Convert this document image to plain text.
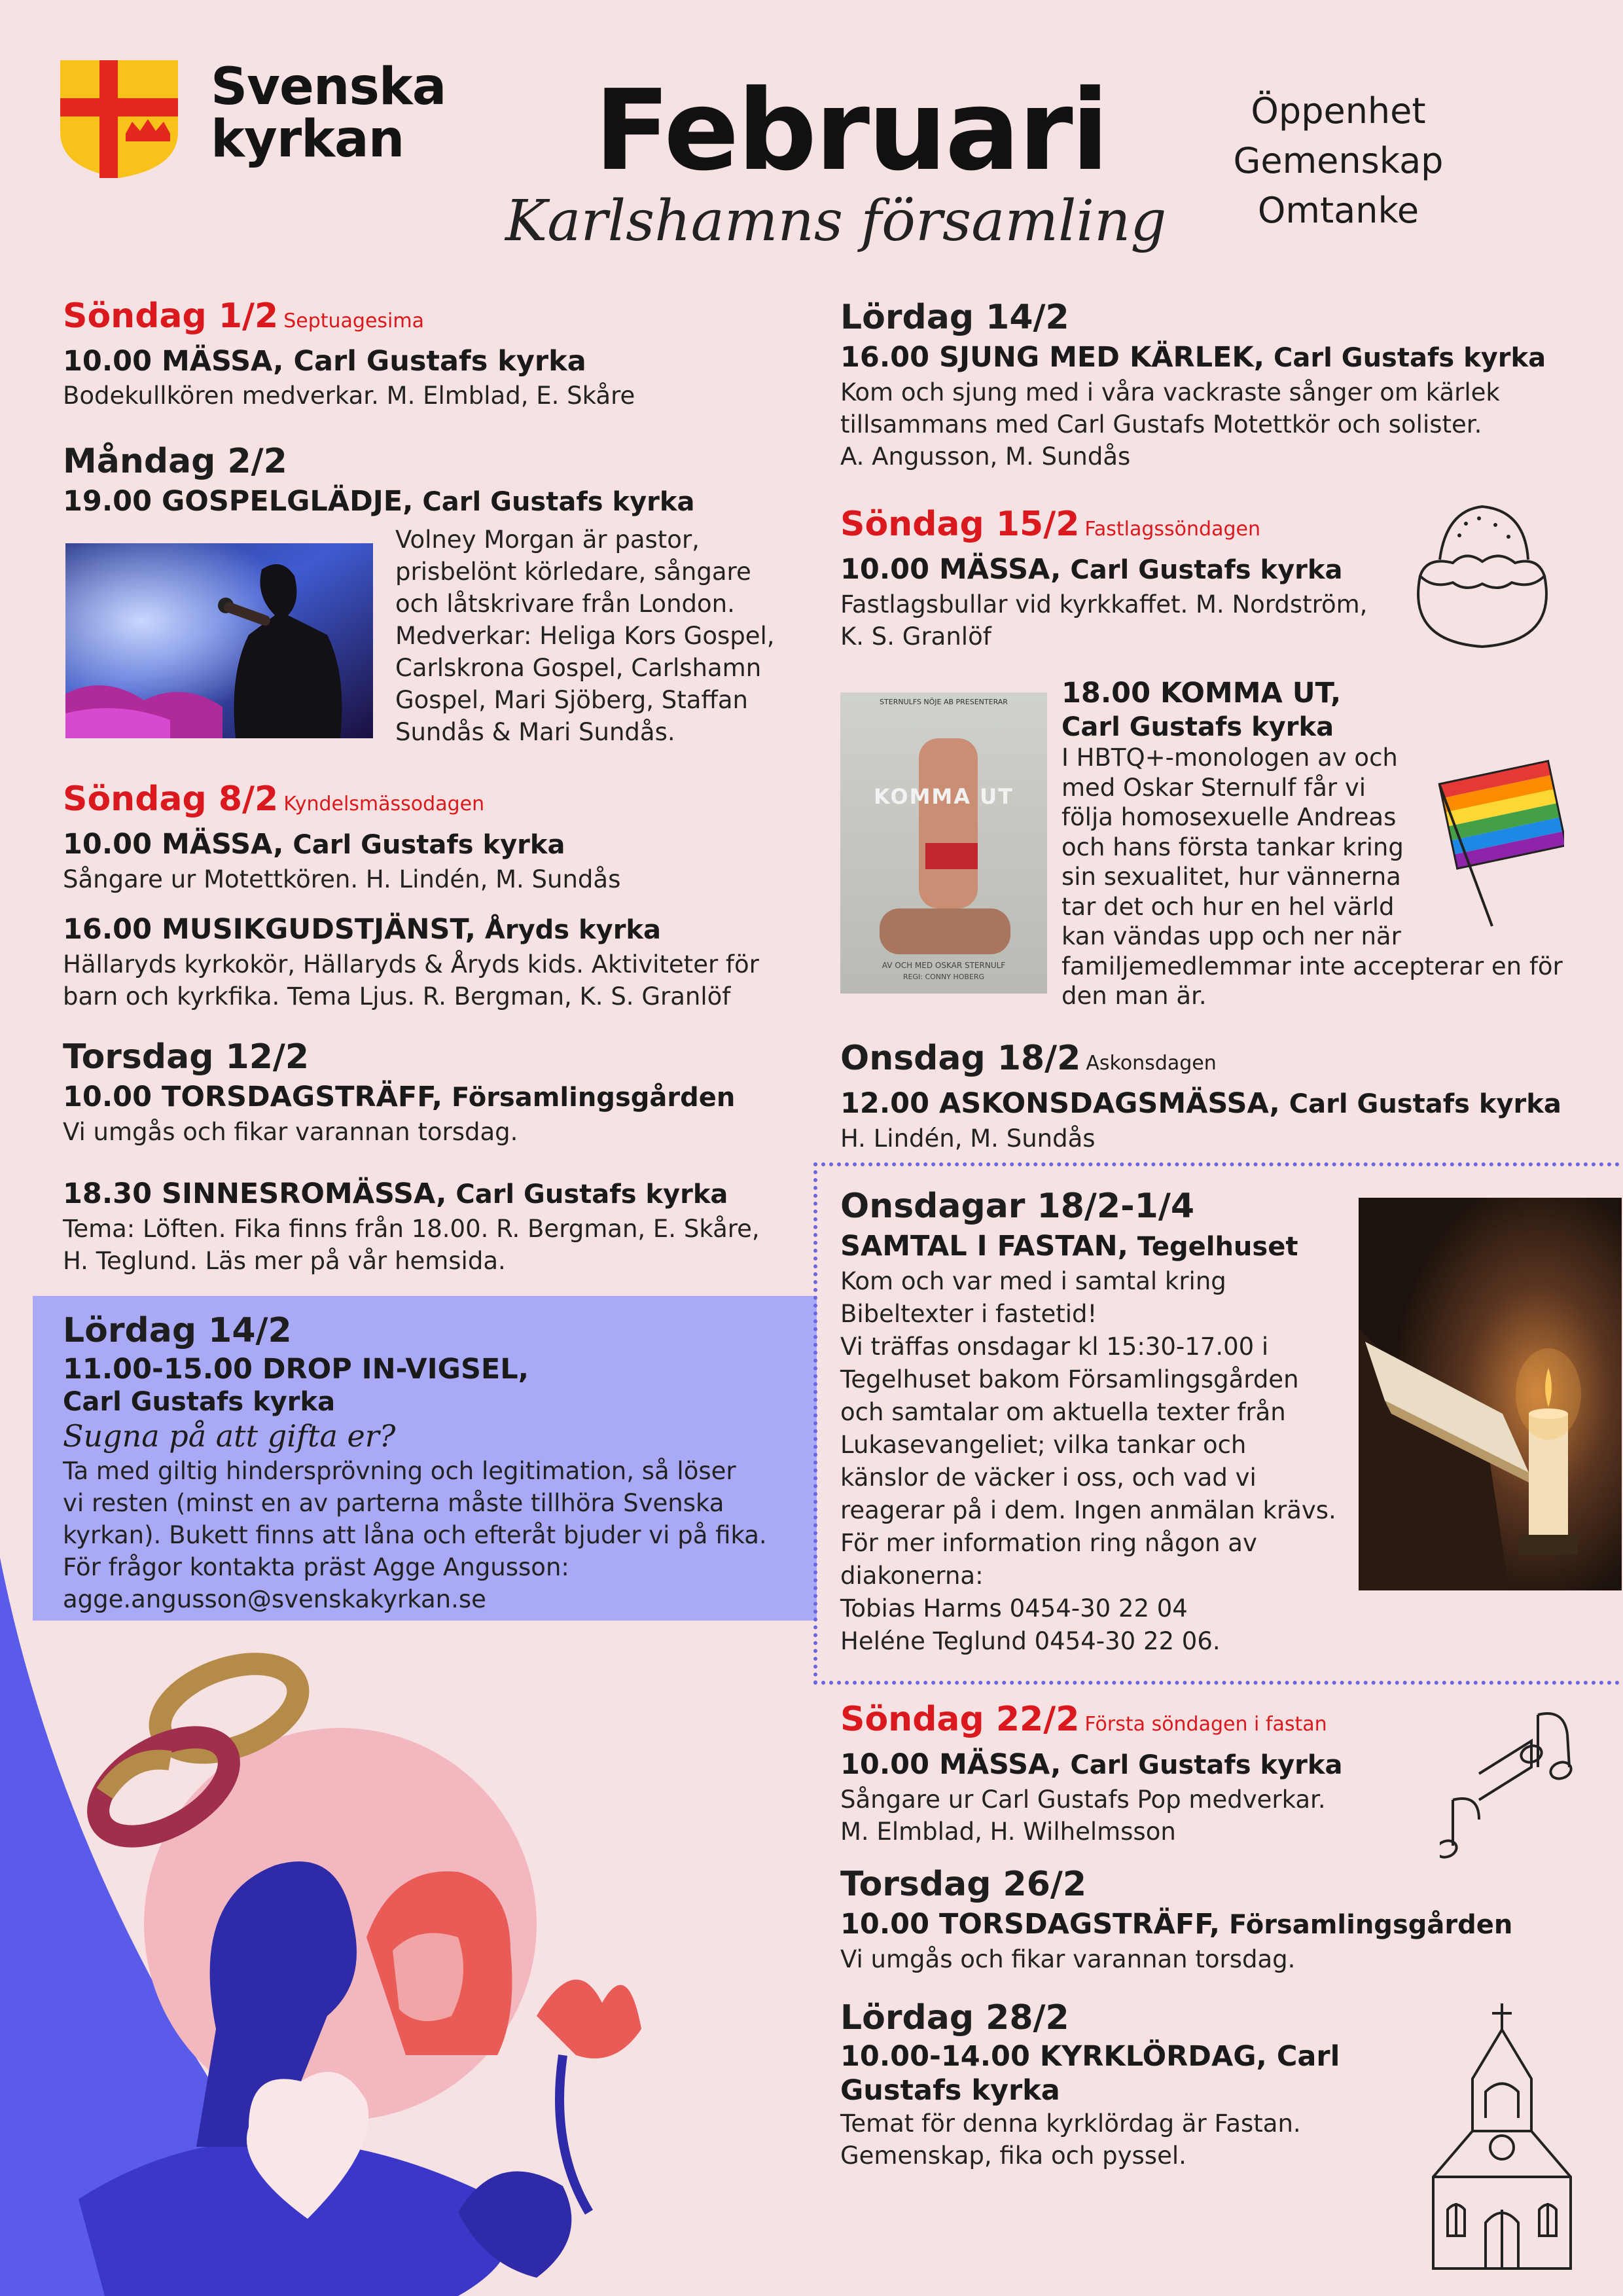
Svenska
kyrkan Februari
Karlshamns församling
Öppenhet
Gemenskap
Omtanke
Söndag 1/2 Septuagesima
10.00 MÄSSA, Carl Gustafs kyrka
Bodekullkören medverkar. M. Elmblad, E. Skåre
Måndag 2/2
19.00 GOSPELGLÄDJE, Carl Gustafs kyrka
Volney Morgan är pastor,
prisbelönt körledare, sångare
och låtskrivare från London.
Medverkar: Heliga Kors Gospel,
Carlskrona Gospel, Carlshamn
Gospel, Mari Sjöberg, Staffan
Sundås & Mari Sundås.
Söndag 8/2 Kyndelsmässodagen
10.00 MÄSSA, Carl Gustafs kyrka
Sångare ur Motettkören. H. Lindén, M. Sundås
16.00 MUSIKGUDSTJÄNST, Åryds kyrka
Hällaryds kyrkokör, Hällaryds & Åryds kids. Aktiviteter för
barn och kyrkfika. Tema Ljus. R. Bergman, K. S. Granlöf
Torsdag 12/2
10.00 TORSDAGSTRÄFF, Församlingsgården
Vi umgås och fikar varannan torsdag.
18.30 SINNESROMÄSSA, Carl Gustafs kyrka
Tema: Löften. Fika finns från 18.00. R. Bergman, E. Skåre,
H. Teglund. Läs mer på vår hemsida.
Lördag 14/2
11.00-15.00 DROP IN-VIGSEL,
Carl Gustafs kyrka
Sugna på att gifta er?
Ta med giltig hindersprövning och legitimation, så löser
vi resten (minst en av parterna måste tillhöra Svenska
kyrkan). Bukett finns att låna och efteråt bjuder vi på fika.
För frågor kontakta präst Agge Angusson:
agge.angusson@svenskakyrkan.se
Lördag 14/2
16.00 SJUNG MED KÄRLEK, Carl Gustafs kyrka
Kom och sjung med i våra vackraste sånger om kärlek
tillsammans med Carl Gustafs Motettkör och solister.
A. Angusson, M. Sundås
Söndag 15/2 Fastlagssöndagen
10.00 MÄSSA, Carl Gustafs kyrka
Fastlagsbullar vid kyrkkaffet. M. Nordström,
K. S. Granlöf
STERNULFS NÖJE AB PRESENTERAR
KOMMA UT
AV OCH MED OSKAR STERNULF
REGI: CONNY HOBERG
18.00 KOMMA UT,
Carl Gustafs kyrka
I HBTQ+-monologen av och
med Oskar Sternulf får vi
följa homosexuelle Andreas
och hans första tankar kring
sin sexualitet, hur vännerna
tar det och hur en hel värld
kan vändas upp och ner när
familjemedlemmar inte accepterar en för
den man är.
Onsdag 18/2 Askonsdagen
12.00 ASKONSDAGSMÄSSA, Carl Gustafs kyrka
H. Lindén, M. Sundås
Onsdagar 18/2-1/4
SAMTAL I FASTAN, Tegelhuset
Kom och var med i samtal kring
Bibeltexter i fastetid!
Vi träffas onsdagar kl 15:30-17.00 i
Tegelhuset bakom Församlingsgården
och samtalar om aktuella texter från
Lukasevangeliet; vilka tankar och
känslor de väcker i oss, och vad vi
reagerar på i dem. Ingen anmälan krävs.
För mer information ring någon av
diakonerna:
Tobias Harms 0454-30 22 04
Heléne Teglund 0454-30 22 06.
Söndag 22/2 Första söndagen i fastan
10.00 MÄSSA, Carl Gustafs kyrka
Sångare ur Carl Gustafs Pop medverkar.
M. Elmblad, H. Wilhelmsson
Torsdag 26/2
10.00 TORSDAGSTRÄFF, Församlingsgården
Vi umgås och fikar varannan torsdag.
Lördag 28/2
10.00-14.00 KYRKLÖRDAG, Carl
Gustafs kyrka
Temat för denna kyrklördag är Fastan.
Gemenskap, fika och pyssel.
